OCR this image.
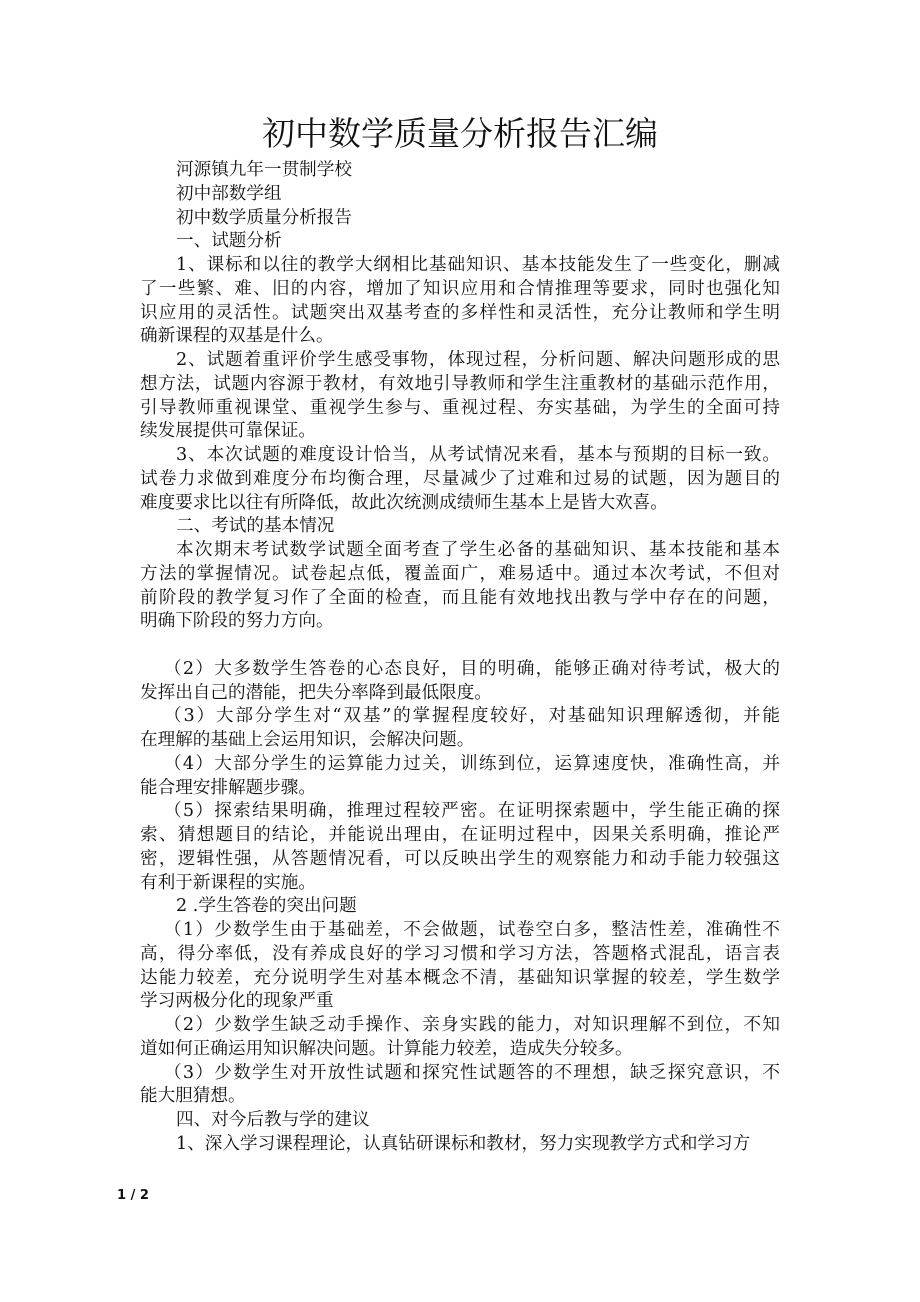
初中数学质量分析报告汇编
河源镇九年一贯制学校
初中部数学组
初中数学质量分析报告
一、试题分析
1、课标和以往的教学大纲相比基础知识、基本技能发生了一些变化，删减
了一些繁、难、旧的内容，增加了知识应用和合情推理等要求，同时也强化知
识应用的灵活性。试题突出双基考查的多样性和灵活性，充分让教师和学生明
确新课程的双基是什么。
2、试题着重评价学生感受事物，体现过程，分析问题、解决问题形成的思
想方法，试题内容源于教材，有效地引导教师和学生注重教材的基础示范作用，
引导教师重视课堂、重视学生参与、重视过程、夯实基础，为学生的全面可持
续发展提供可靠保证。
3、本次试题的难度设计恰当，从考试情况来看，基本与预期的目标一致。
试卷力求做到难度分布均衡合理，尽量减少了过难和过易的试题，因为题目的
难度要求比以往有所降低，故此次统测成绩师生基本上是皆大欢喜。
二、考试的基本情况
本次期末考试数学试题全面考查了学生必备的基础知识、基本技能和基本
方法的掌握情况。试卷起点低，覆盖面广，难易适中。通过本次考试，不但对
前阶段的教学复习作了全面的检查，而且能有效地找出教与学中存在的问题，
明确下阶段的努力方向。
（2）大多数学生答卷的心态良好，目的明确，能够正确对待考试，极大的
发挥出自己的潜能，把失分率降到最低限度。
（3）大部分学生对“双基”的掌握程度较好，对基础知识理解透彻，并能
在理解的基础上会运用知识，会解决问题。
（4）大部分学生的运算能力过关，训练到位，运算速度快，准确性高，并
能合理安排解题步骤。
（5）探索结果明确，推理过程较严密。在证明探索题中，学生能正确的探
索、猜想题目的结论，并能说出理由，在证明过程中，因果关系明确，推论严
密，逻辑性强，从答题情况看，可以反映出学生的观察能力和动手能力较强这
有利于新课程的实施。
2 .学生答卷的突出问题
（1）少数学生由于基础差，不会做题，试卷空白多，整洁性差，准确性不
高，得分率低，没有养成良好的学习习惯和学习方法，答题格式混乱，语言表
达能力较差，充分说明学生对基本概念不清，基础知识掌握的较差，学生数学
学习两极分化的现象严重
（2）少数学生缺乏动手操作、亲身实践的能力，对知识理解不到位，不知
道如何正确运用知识解决问题。计算能力较差，造成失分较多。
（3）少数学生对开放性试题和探究性试题答的不理想，缺乏探究意识，不
能大胆猜想。
四、对今后教与学的建议
1、深入学习课程理论，认真钻研课标和教材，努力实现教学方式和学习方
1 / 2
